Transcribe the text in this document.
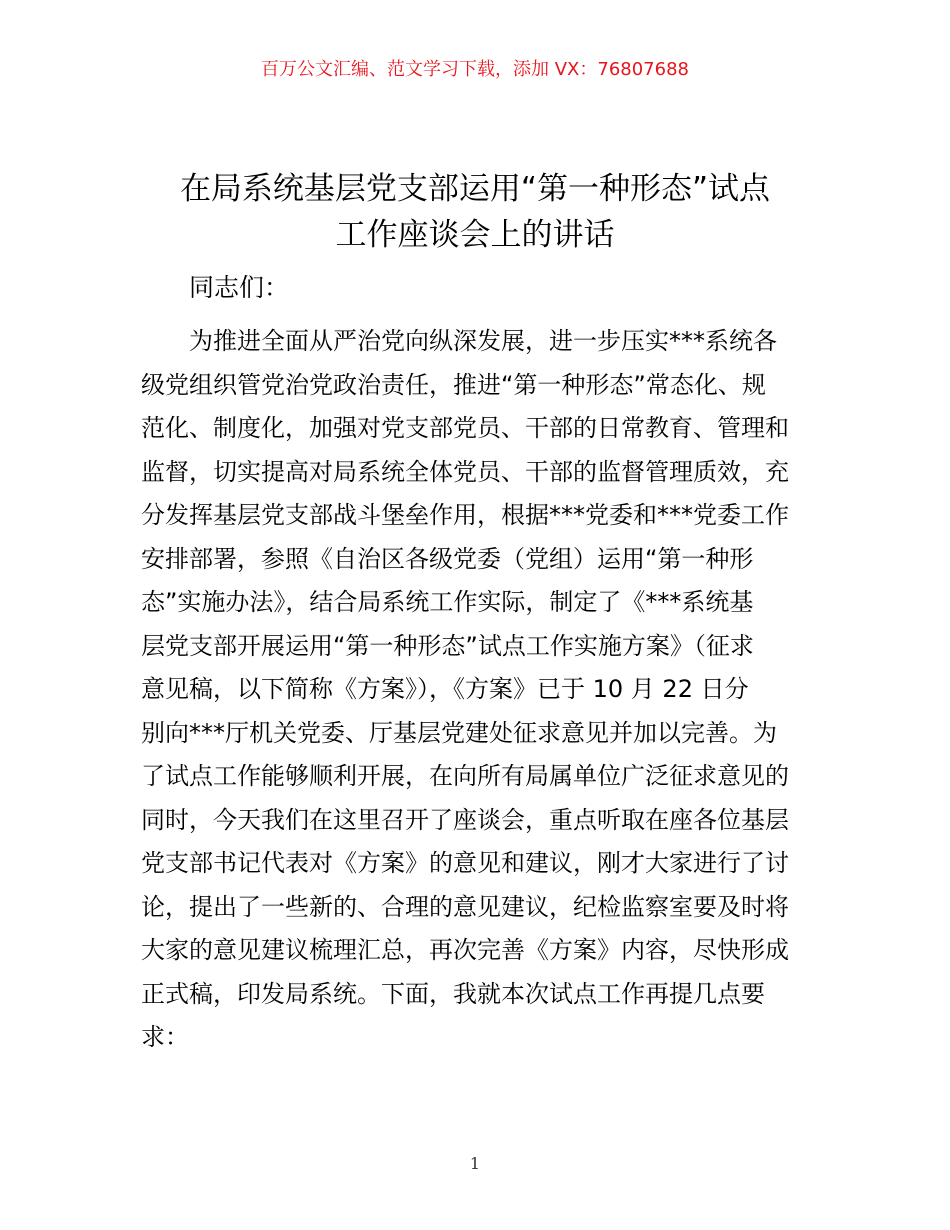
百万公文汇编、范文学习下载，添加 VX：76807688
在局系统基层党支部运用“第一种形态”试点
工作座谈会上的讲话
同志们：
为推进全面从严治党向纵深发展，进一步压实***系统各
级党组织管党治党政治责任，推进“第一种形态”常态化、规
范化、制度化，加强对党支部党员、干部的日常教育、管理和
监督，切实提高对局系统全体党员、干部的监督管理质效，充
分发挥基层党支部战斗堡垒作用，根据***党委和***党委工作
安排部署，参照《自治区各级党委（党组）运用“第一种形
态”实施办法》，结合局系统工作实际，制定了《***系统基
层党支部开展运用“第一种形态”试点工作实施方案》（征求
意见稿，以下简称《方案》），《方案》已于 10 月 22 日分
别向***厅机关党委、厅基层党建处征求意见并加以完善。为
了试点工作能够顺利开展，在向所有局属单位广泛征求意见的
同时，今天我们在这里召开了座谈会，重点听取在座各位基层
党支部书记代表对《方案》的意见和建议，刚才大家进行了讨
论，提出了一些新的、合理的意见建议，纪检监察室要及时将
大家的意见建议梳理汇总，再次完善《方案》内容，尽快形成
正式稿，印发局系统。下面，我就本次试点工作再提几点要
求：
1
